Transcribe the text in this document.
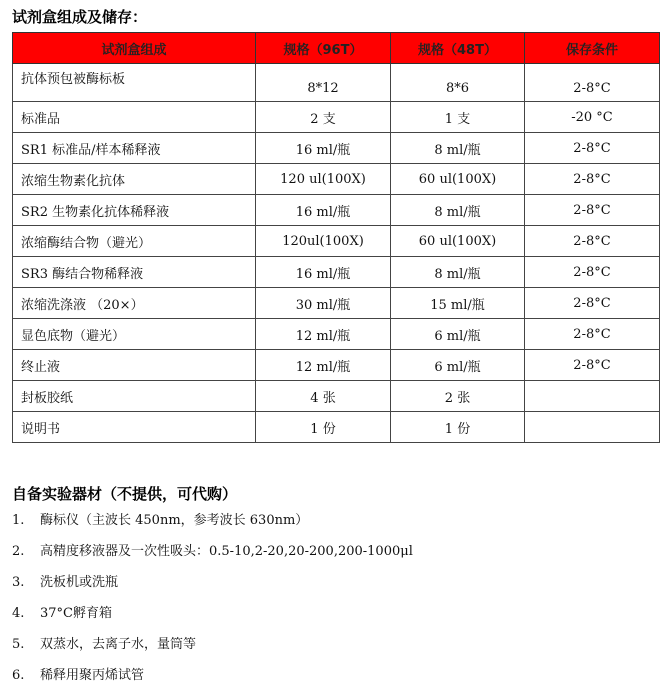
试剂盒组成及储存：
试剂盒组成	规格（96T）	规格（48T）	保存条件
抗体预包被酶标板	8*12	8*6	2-8°C
标准品	2 支	1 支	-20 °C
SR1 标准品/样本稀释液	16 ml/瓶	8 ml/瓶	2-8°C
浓缩生物素化抗体	120 ul(100X)	60 ul(100X)	2-8°C
SR2 生物素化抗体稀释液	16 ml/瓶	8 ml/瓶	2-8°C
浓缩酶结合物（避光）	120ul(100X)	60 ul(100X)	2-8°C
SR3 酶结合物稀释液	16 ml/瓶	8 ml/瓶	2-8°C
浓缩洗涤液 （20×）	30 ml/瓶	15 ml/瓶	2-8°C
显色底物（避光）	12 ml/瓶	6 ml/瓶	2-8°C
终止液	12 ml/瓶	6 ml/瓶	2-8°C
封板胶纸	4 张	2 张	
说明书	1 份	1 份	
自备实验器材（不提供，可代购）
1.	酶标仪（主波长 450nm，参考波长 630nm）
2.	高精度移液器及一次性吸头：0.5-10,2-20,20-200,200-1000μl
3.	洗板机或洗瓶
4.	37°C孵育箱
5.	双蒸水，去离子水，量筒等
6.	稀释用聚丙烯试管
